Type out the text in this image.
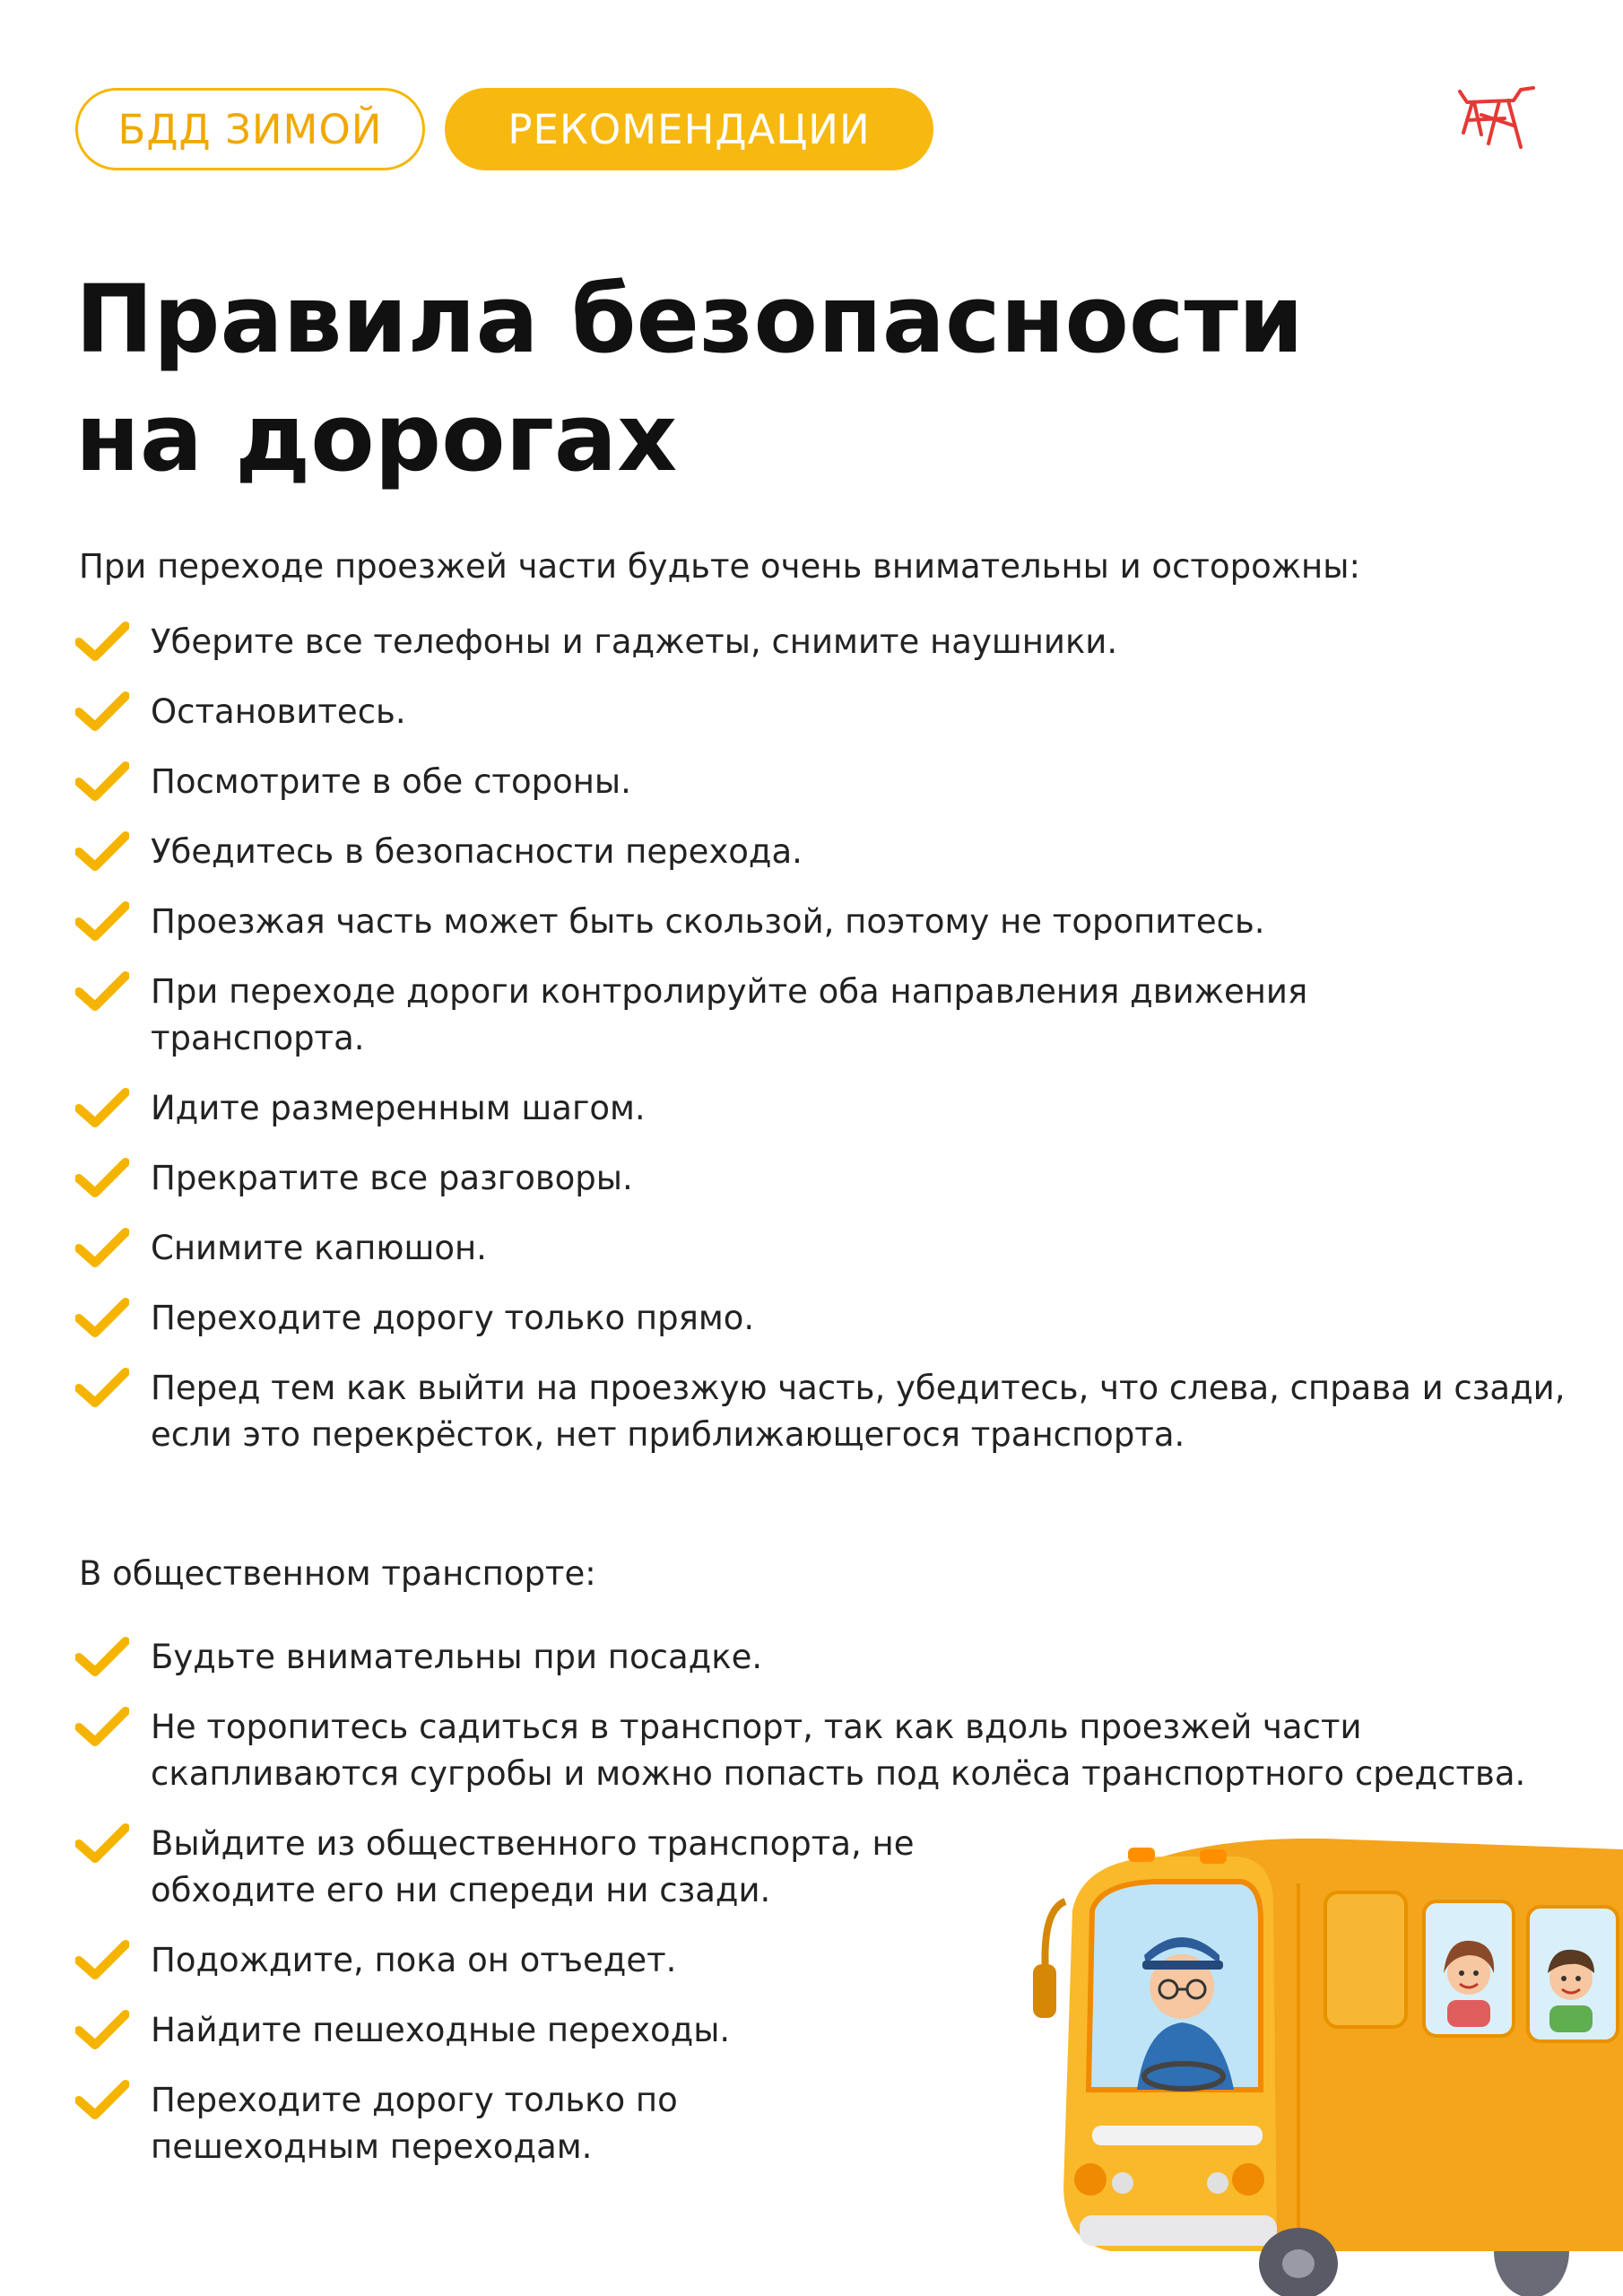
БДД ЗИМОЙ	РЕКОМЕНДАЦИИ
Правила безопасности
на дорогах

При переходе проезжей части будьте очень внимательны и осторожны:

Уберите все телефоны и гаджеты, снимите наушники.
Остановитесь.
Посмотрите в обе стороны.
Убедитесь в безопасности перехода.
Проезжая часть может быть скользой, поэтому не торопитесь.
При переходе дороги контролируйте оба направления движения транспорта.
Идите размеренным шагом.
Прекратите все разговоры.
Снимите капюшон.
Переходите дорогу только прямо.
Перед тем как выйти на проезжую часть, убедитесь, что слева, справа и сзади, если это перекрёсток, нет приближающегося транспорта.

В общественном транспорте:

Будьте внимательны при посадке.
Не торопитесь садиться в транспорт, так как вдоль проезжей части скапливаются сугробы и можно попасть под колёса транспортного средства.
Выйдите из общественного транспорта, не обходите его ни спереди ни сзади.
Подождите, пока он отъедет.
Найдите пешеходные переходы.
Переходите дорогу только по пешеходным переходам.
